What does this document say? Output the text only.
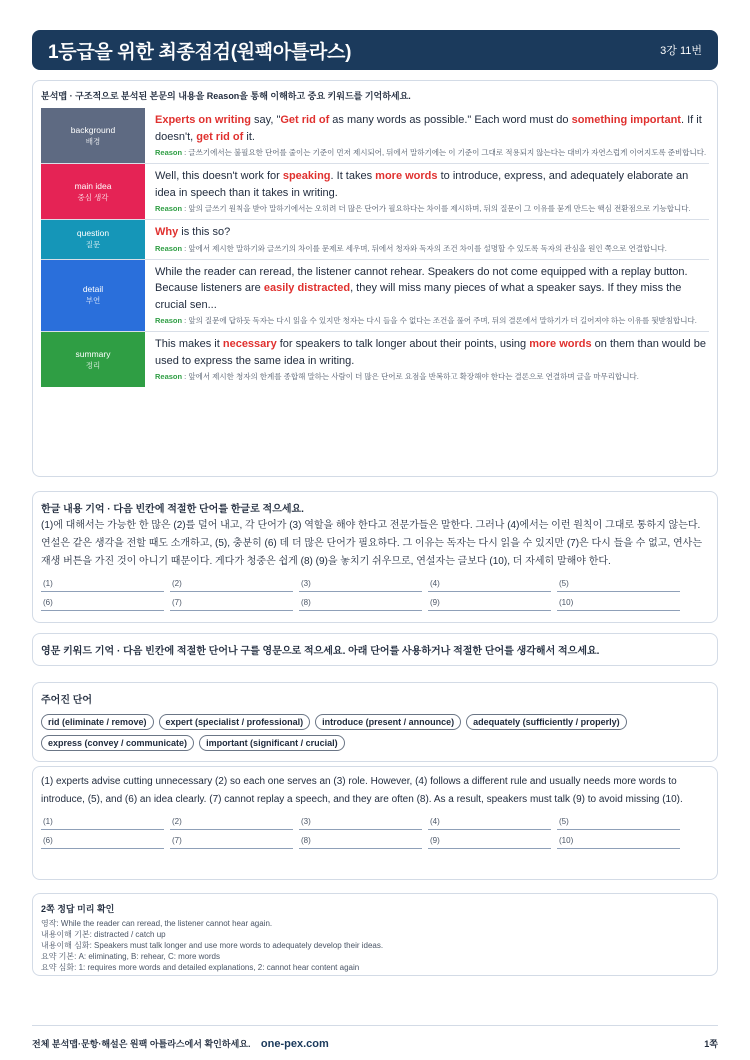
1등급을 위한 최종점검(원팩아틀라스)	3강 11번
분석맵 · 구조적으로 분석된 본문의 내용을 Reason을 통해 이해하고 중요 키워드를 기억하세요.
background
배경
Experts on writing say, "Get rid of as many words as possible." Each word must do something important. If it doesn't, get rid of it.
Reason : 글쓰기에서는 불필요한 단어를 줄이는 기준이 먼저 제시되어, 뒤에서 말하기에는 이 기준이 그대로 적용되지 않는다는 대비가 자연스럽게 이어지도록 준비합니다.
main idea
중심 생각
Well, this doesn't work for speaking. It takes more words to introduce, express, and adequately elaborate an idea in speech than it takes in writing.
Reason : 앞의 글쓰기 원칙을 받아 말하기에서는 오히려 더 많은 단어가 필요하다는 차이를 제시하며, 뒤의 질문이 그 이유를 묻게 만드는 핵심 전환점으로 기능합니다.
question
질문
Why is this so?
Reason : 앞에서 제시한 말하기와 글쓰기의 차이를 문제로 세우며, 뒤에서 청자와 독자의 조건 차이를 설명할 수 있도록 독자의 관심을 원인 쪽으로 연결합니다.
detail
부연
While the reader can reread, the listener cannot rehear. Speakers do not come equipped with a replay button. Because listeners are easily distracted, they will miss many pieces of what a speaker says. If they miss the crucial sen...
Reason : 앞의 질문에 답하듯 독자는 다시 읽을 수 있지만 청자는 다시 들을 수 없다는 조건을 풀어 주며, 뒤의 결론에서 말하기가 더 길어져야 하는 이유를 뒷받침합니다.
summary
정리
This makes it necessary for speakers to talk longer about their points, using more words on them than would be used to express the same idea in writing.
Reason : 앞에서 제시한 청자의 한계를 종합해 말하는 사람이 더 많은 단어로 요점을 반복하고 확장해야 한다는 결론으로 연결하며 글을 마무리합니다.
한글 내용 기억 · 다음 빈칸에 적절한 단어를 한글로 적으세요.
(1)에 대해서는 가능한 한 많은 (2)를 덜어 내고, 각 단어가 (3) 역할을 해야 한다고 전문가들은 말한다. 그러나 (4)에서는 이런 원칙이 그대로 통하지 않는다. 연설은 같은 생각을 전할 때도 소개하고, (5), 충분히 (6) 데 더 많은 단어가 필요하다. 그 이유는 독자는 다시 읽을 수 있지만 (7)은 다시 들을 수 없고, 연사는 재생 버튼을 가진 것이 아니기 때문이다. 게다가 청중은 쉽게 (8) (9)을 놓치기 쉬우므로, 연설자는 글보다 (10), 더 자세히 말해야 한다.
(1)	(2)	(3)	(4)	(5)
(6)	(7)	(8)	(9)	(10)
영문 키워드 기억 · 다음 빈칸에 적절한 단어나 구를 영문으로 적으세요. 아래 단어를 사용하거나 적절한 단어를 생각해서 적으세요.
주어진 단어
rid (eliminate / remove)	expert (specialist / professional)	introduce (present / announce)	adequately (sufficiently / properly)
express (convey / communicate)	important (significant / crucial)
(1) experts advise cutting unnecessary (2) so each one serves an (3) role. However, (4) follows a different rule and usually needs more words to introduce, (5), and (6) an idea clearly. (7) cannot replay a speech, and they are often (8). As a result, speakers must talk (9) to avoid missing (10).
(1)	(2)	(3)	(4)	(5)
(6)	(7)	(8)	(9)	(10)
2쪽 정답 미리 확인
영작: While the reader can reread, the listener cannot hear again.
내용이해 기본: distracted / catch up
내용이해 심화: Speakers must talk longer and use more words to adequately develop their ideas.
요약 기본: A: eliminating, B: rehear, C: more words
요약 심화: 1: requires more words and detailed explanations, 2: cannot hear content again
전체 분석맵·문항·해설은 원팩 아틀라스에서 확인하세요. one-pex.com	1쪽
